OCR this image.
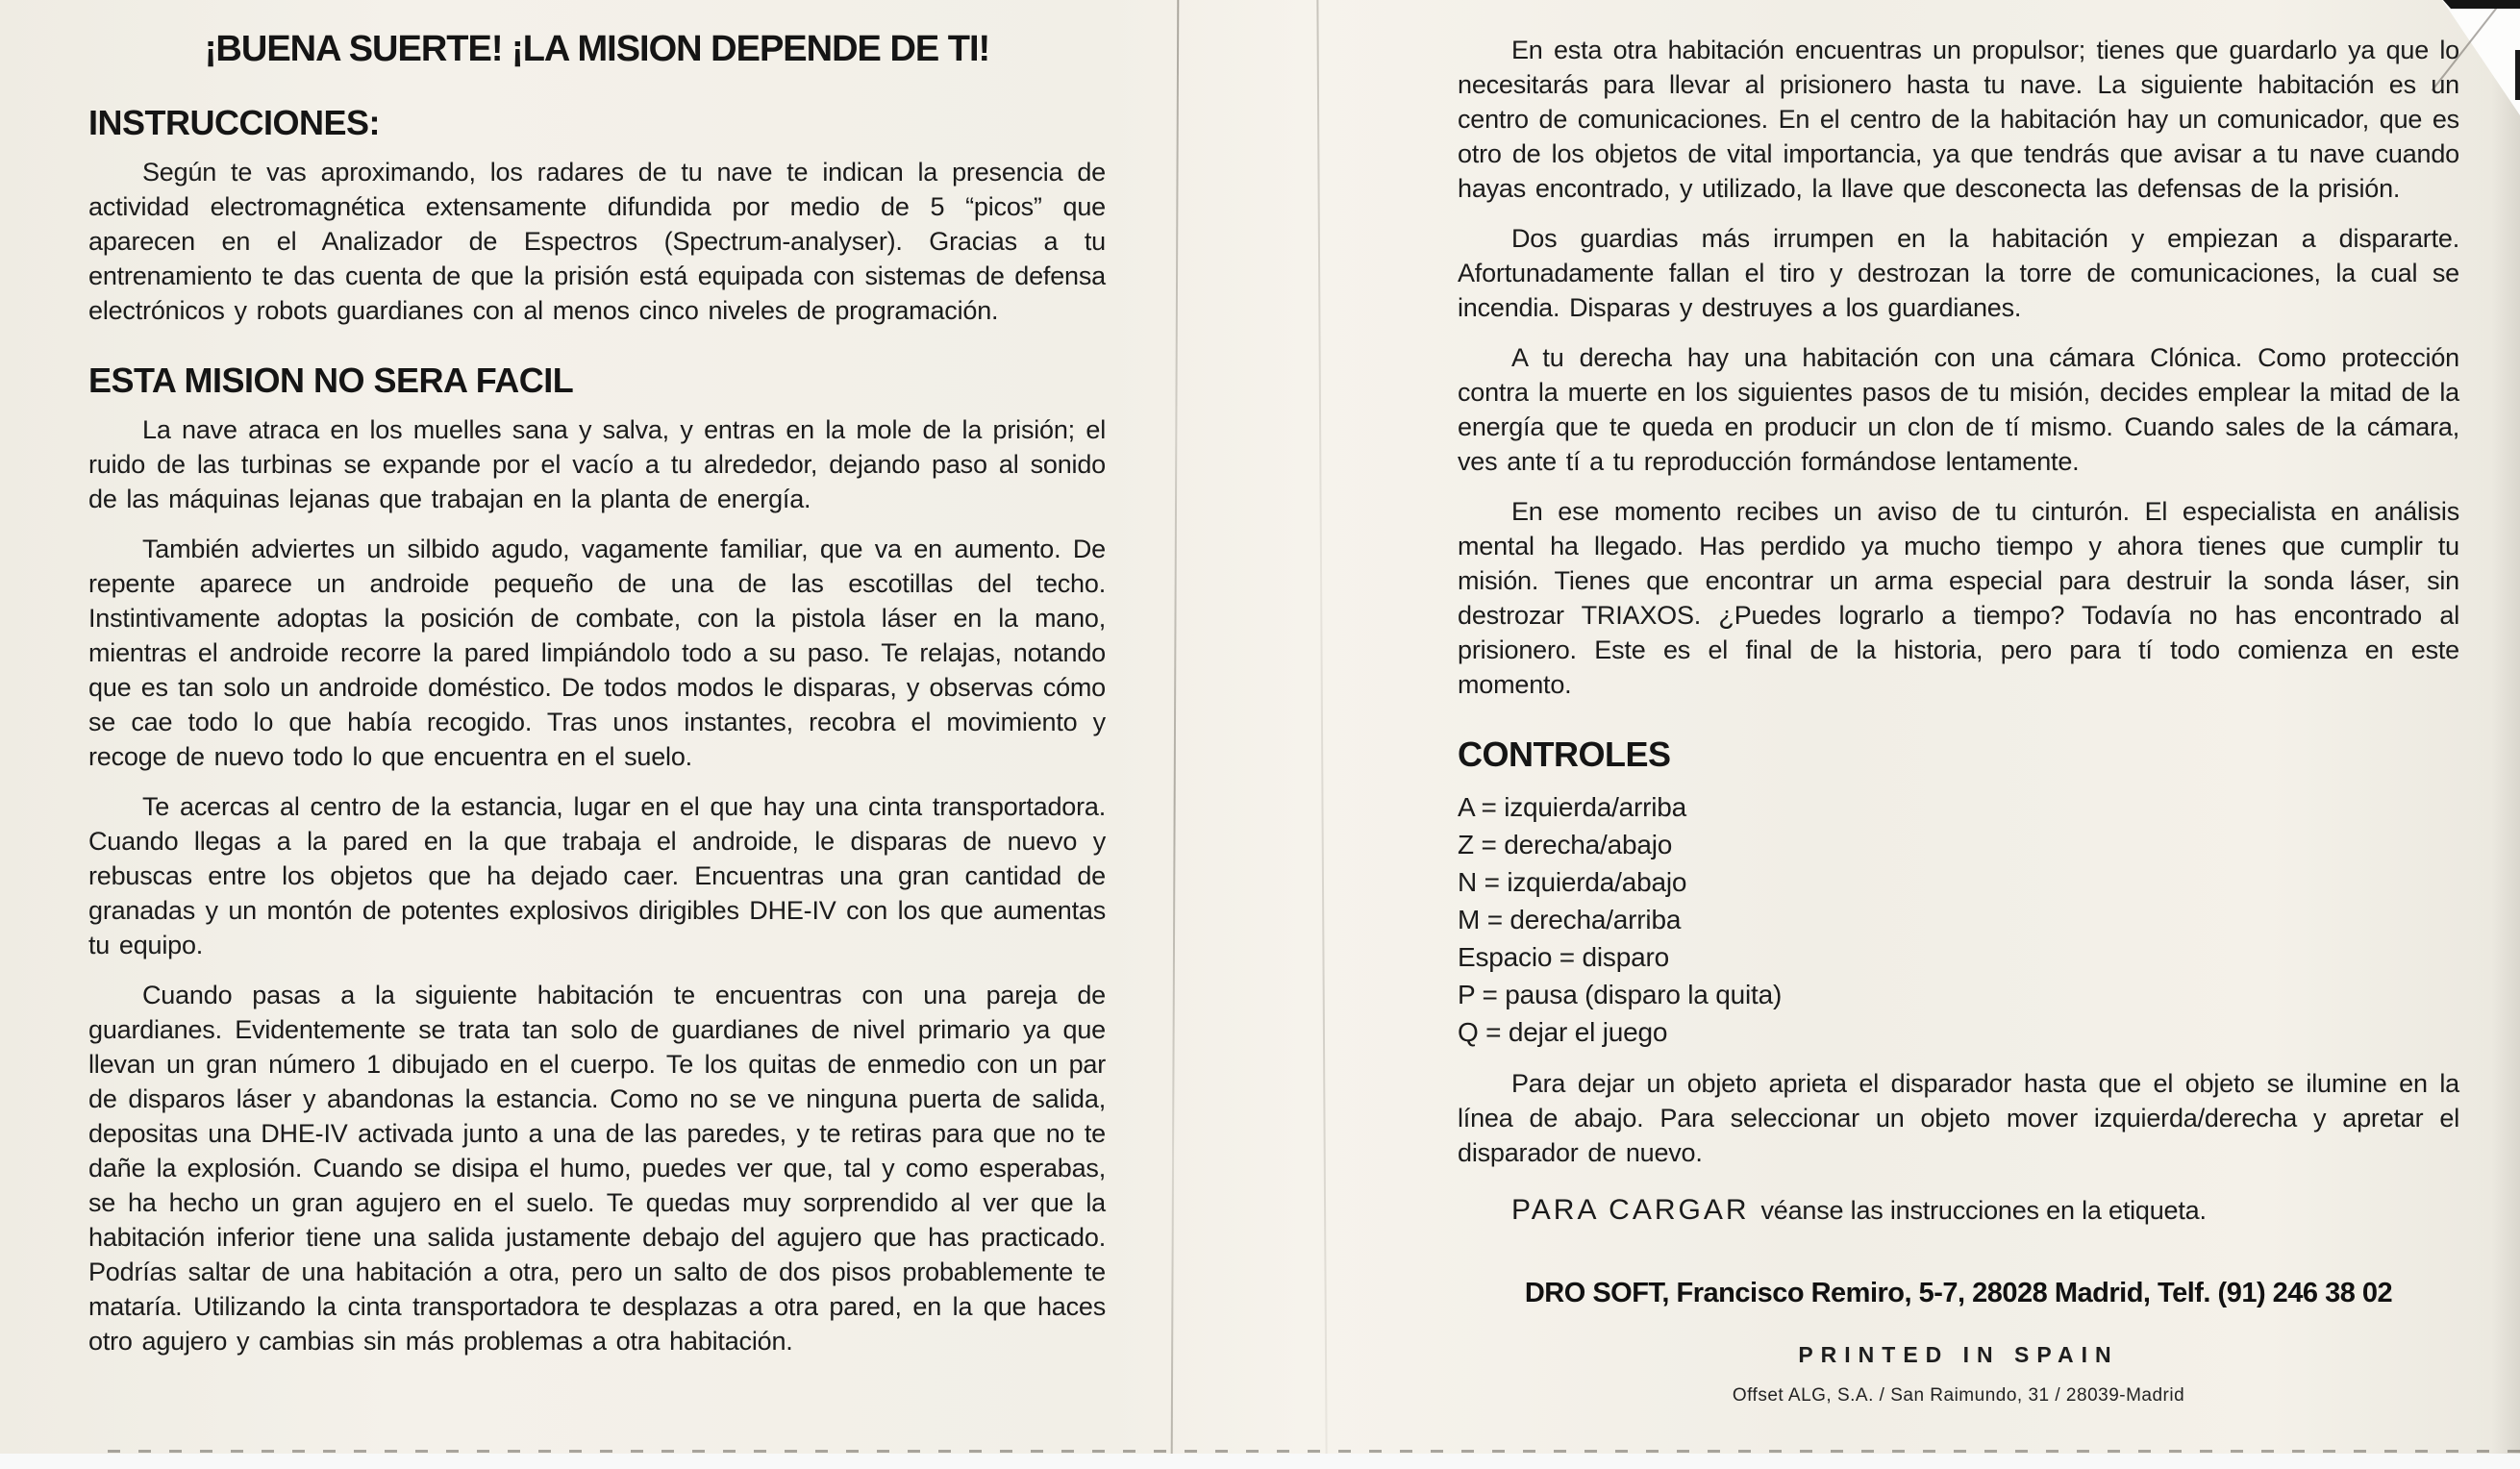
¡BUENA SUERTE! ¡LA MISION DEPENDE DE TI!
INSTRUCCIONES:

Según te vas aproximando, los radares de tu nave te indican la presencia de actividad electromagnética extensamente difundida por medio de 5 “picos” que aparecen en el Analizador de Espectros (Spectrum-analyser). Gracias a tu entrenamiento te das cuenta de que la prisión está equipada con sistemas de defensa electrónicos y robots guardianes con al menos cinco niveles de programación.

ESTA MISION NO SERA FACIL

La nave atraca en los muelles sana y salva, y entras en la mole de la prisión; el ruido de las turbinas se expande por el vacío a tu alrededor, dejando paso al sonido de las máquinas lejanas que trabajan en la planta de energía.

También adviertes un silbido agudo, vagamente familiar, que va en aumento. De repente aparece un androide pequeño de una de las escotillas del techo. Instintivamente adoptas la posición de combate, con la pistola láser en la mano, mientras el androide recorre la pared limpiándolo todo a su paso. Te relajas, notando que es tan solo un androide doméstico. De todos modos le disparas, y observas cómo se cae todo lo que había recogido. Tras unos instantes, recobra el movimiento y recoge de nuevo todo lo que encuentra en el suelo.

Te acercas al centro de la estancia, lugar en el que hay una cinta transportadora. Cuando llegas a la pared en la que trabaja el androide, le disparas de nuevo y rebuscas entre los objetos que ha dejado caer. Encuentras una gran cantidad de granadas y un montón de potentes explosivos dirigibles DHE-IV con los que aumentas tu equipo.

Cuando pasas a la siguiente habitación te encuentras con una pareja de guardianes. Evidentemente se trata tan solo de guardianes de nivel primario ya que llevan un gran número 1 dibujado en el cuerpo. Te los quitas de enmedio con un par de disparos láser y abandonas la estancia. Como no se ve ninguna puerta de salida, depositas una DHE-IV activada junto a una de las paredes, y te retiras para que no te dañe la explosión. Cuando se disipa el humo, puedes ver que, tal y como esperabas, se ha hecho un gran agujero en el suelo. Te quedas muy sorprendido al ver que la habitación inferior tiene una salida justamente debajo del agujero que has practicado. Podrías saltar de una habitación a otra, pero un salto de dos pisos probablemente te mataría. Utilizando la cinta transportadora te desplazas a otra pared, en la que haces otro agujero y cambias sin más problemas a otra habitación.

En esta otra habitación encuentras un propulsor; tienes que guardarlo ya que lo necesitarás para llevar al prisionero hasta tu nave. La siguiente habitación es un centro de comunicaciones. En el centro de la habitación hay un comunicador, que es otro de los objetos de vital importancia, ya que tendrás que avisar a tu nave cuando hayas encontrado, y utilizado, la llave que desconecta las defensas de la prisión.

Dos guardias más irrumpen en la habitación y empiezan a dispararte. Afortunadamente fallan el tiro y destrozan la torre de comunicaciones, la cual se incendia. Disparas y destruyes a los guardianes.

A tu derecha hay una habitación con una cámara Clónica. Como protección contra la muerte en los siguientes pasos de tu misión, decides emplear la mitad de la energía que te queda en producir un clon de tí mismo. Cuando sales de la cámara, ves ante tí a tu reproducción formándose lentamente.

En ese momento recibes un aviso de tu cinturón. El especialista en análisis mental ha llegado. Has perdido ya mucho tiempo y ahora tienes que cumplir tu misión. Tienes que encontrar un arma especial para destruir la sonda láser, sin destrozar TRIAXOS. ¿Puedes lograrlo a tiempo? Todavía no has encontrado al prisionero. Este es el final de la historia, pero para tí todo comienza en este momento.

CONTROLES
A = izquierda/arriba
Z = derecha/abajo
N = izquierda/abajo
M = derecha/arriba
Espacio = disparo
P = pausa (disparo la quita)
Q = dejar el juego

Para dejar un objeto aprieta el disparador hasta que el objeto se ilumine en la línea de abajo. Para seleccionar un objeto mover izquierda/derecha y apretar el disparador de nuevo.

PARA CARGAR véanse las instrucciones en la etiqueta.

DRO SOFT, Francisco Remiro, 5-7, 28028 Madrid, Telf. (91) 246 38 02
PRINTED IN SPAIN
Offset ALG, S.A. / San Raimundo, 31 / 28039-Madrid
